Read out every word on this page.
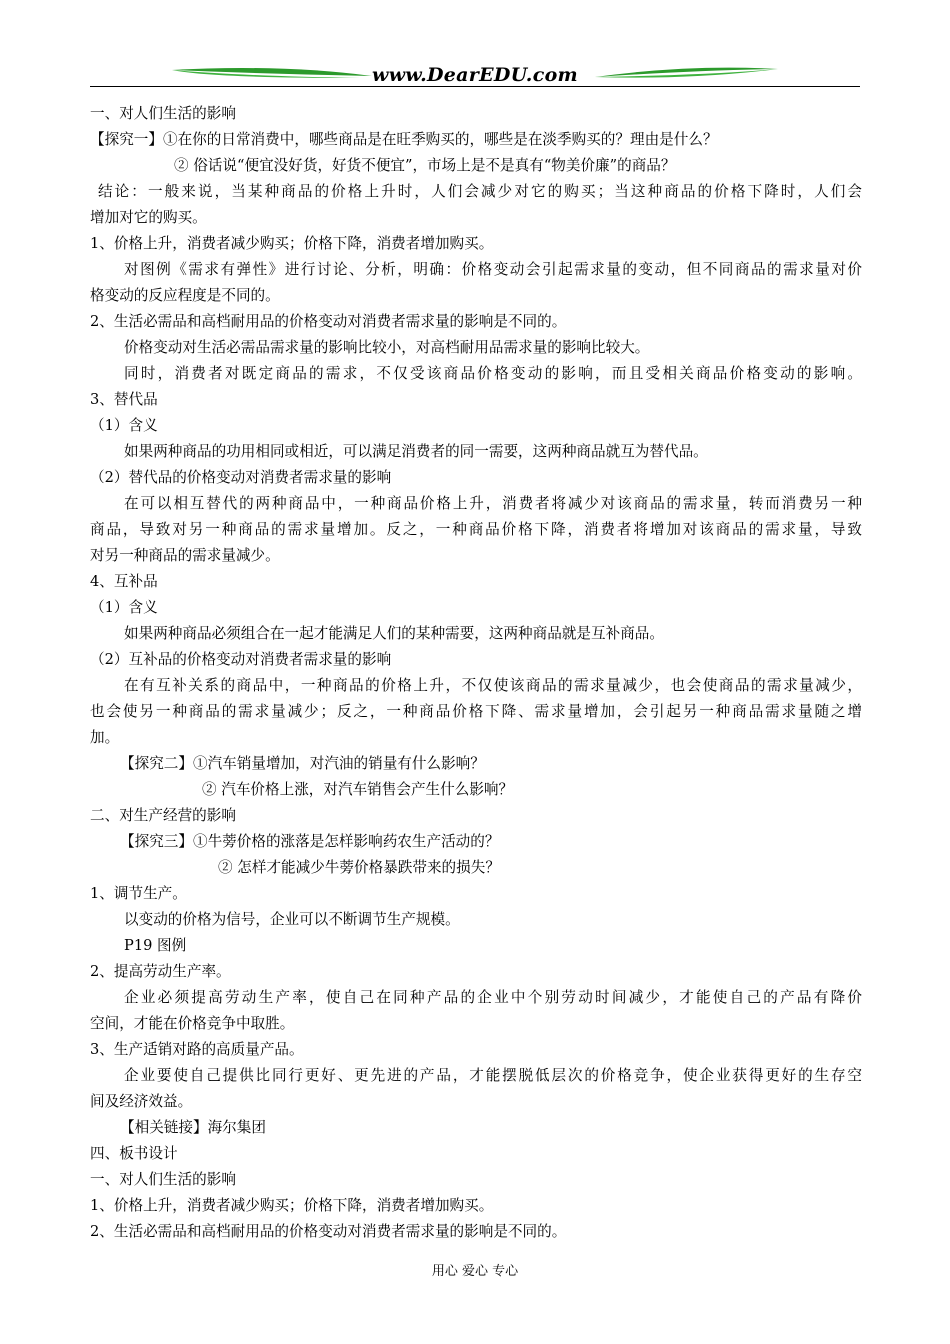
www.DearEDU.com
一、对人们生活的影响
【探究一】①在你的日常消费中，哪些商品是在旺季购买的，哪些是在淡季购买的？理由是什么？
② 俗话说“便宜没好货，好货不便宜”，市场上是不是真有“物美价廉”的商品？
结论：一般来说，当某种商品的价格上升时，人们会减少对它的购买；当这种商品的价格下降时，人们会
增加对它的购买。
1、价格上升，消费者减少购买；价格下降，消费者增加购买。
对图例《需求有弹性》进行讨论、分析，明确：价格变动会引起需求量的变动，但不同商品的需求量对价
格变动的反应程度是不同的。
2、生活必需品和高档耐用品的价格变动对消费者需求量的影响是不同的。
价格变动对生活必需品需求量的影响比较小，对高档耐用品需求量的影响比较大。
同时，消费者对既定商品的需求，不仅受该商品价格变动的影响，而且受相关商品价格变动的影响。
3、替代品
（1）含义
如果两种商品的功用相同或相近，可以满足消费者的同一需要，这两种商品就互为替代品。
（2）替代品的价格变动对消费者需求量的影响
在可以相互替代的两种商品中，一种商品价格上升，消费者将减少对该商品的需求量，转而消费另一种
商品，导致对另一种商品的需求量增加。反之，一种商品价格下降，消费者将增加对该商品的需求量，导致
对另一种商品的需求量减少。
4、互补品
（1）含义
如果两种商品必须组合在一起才能满足人们的某种需要，这两种商品就是互补商品。
（2）互补品的价格变动对消费者需求量的影响
在有互补关系的商品中，一种商品的价格上升，不仅使该商品的需求量减少，也会使商品的需求量减少，
也会使另一种商品的需求量减少；反之，一种商品价格下降、需求量增加，会引起另一种商品需求量随之增
加。
【探究二】①汽车销量增加，对汽油的销量有什么影响？
② 汽车价格上涨，对汽车销售会产生什么影响？
二、对生产经营的影响
【探究三】①牛蒡价格的涨落是怎样影响药农生产活动的？
② 怎样才能减少牛蒡价格暴跌带来的损失？
1、调节生产。
以变动的价格为信号，企业可以不断调节生产规模。
P19 图例
2、提高劳动生产率。
企业必须提高劳动生产率，使自己在同种产品的企业中个别劳动时间减少，才能使自己的产品有降价
空间，才能在价格竞争中取胜。
3、生产适销对路的高质量产品。
企业要使自己提供比同行更好、更先进的产品，才能摆脱低层次的价格竞争，使企业获得更好的生存空
间及经济效益。
【相关链接】海尔集团
四、板书设计
一、对人们生活的影响
1、价格上升，消费者减少购买；价格下降，消费者增加购买。
2、生活必需品和高档耐用品的价格变动对消费者需求量的影响是不同的。
用心 爱心 专心
